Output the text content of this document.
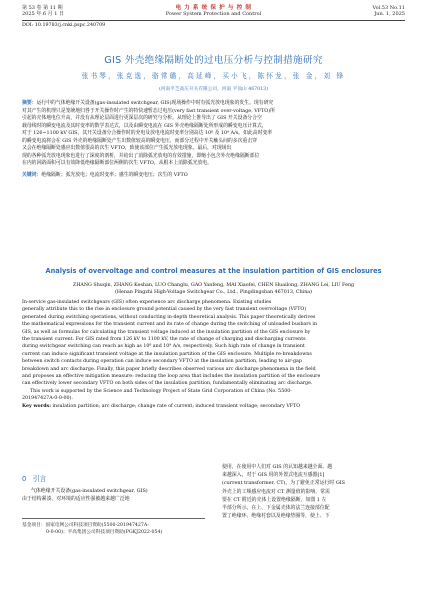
第 53 卷 第 11 期
2025 年 6 月 1 日
电 力 系 统 保 护 与 控 制
Power System Protection and Control
Vol.53 No.11
Jun. 1, 2025
DOI: 10.19783/j.cnki.pspc.240709
GIS 外壳绝缘隔断处的过电压分析与控制措施研究
张书琴，张克逸，骆常璐，高延峰，买小飞，陈怀龙，张 金，刘 锋
(河南平芝高压开关有限公司，河南 平顶山 467013)
摘要：运行中的气体绝缘开关设备(gas-insulated switchgear, GIS)现场操作中时有弧光放电现象的发生。现有研究
对其产生的机理只是笼统地归咎于开关操作时产生的特快速暂态过电压(very fast transient over-voltage, VFTO)所
引起的壳体地电位升高，并没有从理论层面进行更深层次的研究与分析。从理论上推导出了 GIS 开关设备分合空
载母线时的瞬变电流及其时变率的数学表达式，以及由瞬变电流在 GIS 外壳绝缘隔断处所形成的瞬变电压计算式，
对于 126~1100 kV GIS，其开关设备分合操作时的充电及放电电流时变率分别高达 10⁸ 及 10⁹ A/s。如此高时变率
的瞬变电流将会在 GIS 外壳的绝缘隔断处产生出数值较高的瞬变电压，而部分过程中开关触头间的多次重击穿
又会在绝缘隔断处感应出数值很高的次生 VFTO，致使该部位产生弧光放电现象。最后，对现场出
现的各种弧光放电现象也进行了深度的剖析，并给出了消除弧光放电的有效措施，即缩小包含外壳绝缘隔断部位
在内的回路面积可以有效降低绝缘隔断部位两侧的次生 VFTO，从根本上消除弧光放电。
关键词：绝缘隔断；弧光放电；电流时变率；感生的瞬变电压；次生的 VFTO
Analysis of overvoltage and control measures at the insulation partition of GIS enclosures
ZHANG Shuqin, ZHANG Keshan, LUO Changlu, GAO Yanfeng, MAI Xiaofei, CHEN Huailong, ZHANG Lei, LIU Feng
(Henan Pingzhi High-Voltage Switchgear Co., Ltd., Pingdingshan 467013, China)
In-service gas-insulated switchgears (GIS) often experience arc discharge phenomena. Existing studies
generally attribute this to the rise in enclosure ground potential caused by the very fast transient overvoltage (VFTO)
generated during switching operations, without conducting in-depth theoretical analysis. This paper theoretically derives
the mathematical expressions for the transient current and its rate of change during the switching of unloaded busbars in
GIS, as well as formulas for calculating the transient voltage induced at the insulation partition of the GIS enclosure by
the transient current. For GIS rated from 126 kV to 1100 kV, the rate of change of charging and discharging currents
during switchgear switching can reach as high as 10⁸ and 10⁹ A/s, respectively. Such high rate of change in transient
current can induce significant transient voltage at the insulation partition of the GIS enclosure. Multiple re-breakdowns
between switch contacts during operation can induce secondary VFTO at the insulation partition, leading to air-gap
breakdown and arc discharge. Finally, this paper briefly describes observed various arc discharge phenomena in the field
and proposes an effective mitigation measure: reducing the loop area that includes the insulation partition of the enclosure
can effectively lower secondary VFTO on both sides of the insulation partition, fundamentally eliminating arc discharge.
This work is supported by the Science and Technology Project of State Grid Corporation of China (No. 5500-
201947427A-0-0-00).
Key words: insulation partition; arc discharge; change rate of current; induced transient voltage; secondary VFTO
0 引言
气体绝缘开关设备(gas-insulated switchgear, GIS)
由于结构紧凑、对环境的适应性强被越来越广泛地
基金项目：国家电网公司科技项目资助(5500-201947427A-
0-0-00)；平高集团公司科技项目资助(PGKJ2022-054)
使用，在使用中人们对 GIS 的认知越来越全面、越
来越深入，对于 GIS 用的外置式电流互感器[1]
(current transformer, CT)，为了避免正常运行时 GIS
外壳上的工频感应电流对 CT 测量值的影响，常需
要在 CT 附近的壳体上设置绝缘隔断，如图 1 左
半部分所示。在上、下金属壳体的法兰连接部位配
置了绝缘环、绝缘衬套以及绝缘垫圈等，使上、下
